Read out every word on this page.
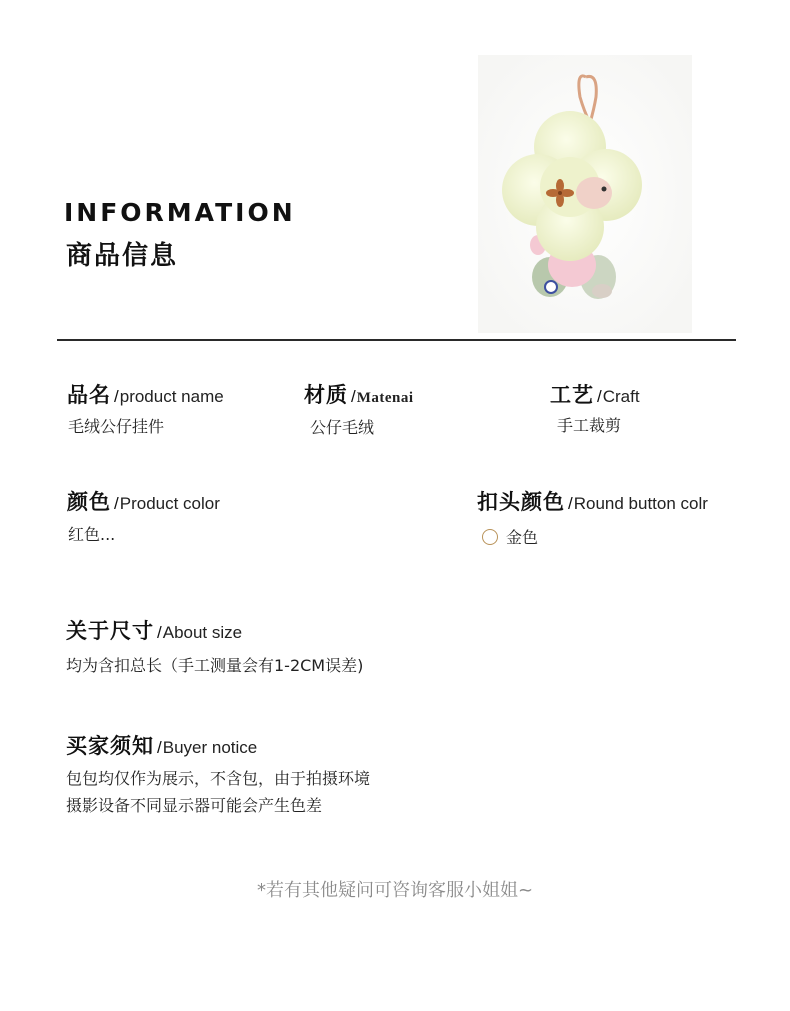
INFORMATION
商品信息
品名 / product name
毛绒公仔挂件
材质 / Matenai
公仔毛绒
工艺 / Craft
手工裁剪
颜色 / Product color
红色...
扣头颜色 / Round button colr
金色
关于尺寸 / About size
均为含扣总长（手工测量会有1-2CM误差)
买家须知 / Buyer notice
包包均仅作为展示，不含包，由于拍摄环境
摄影设备不同显示器可能会产生色差
*若有其他疑问可咨询客服小姐姐~
